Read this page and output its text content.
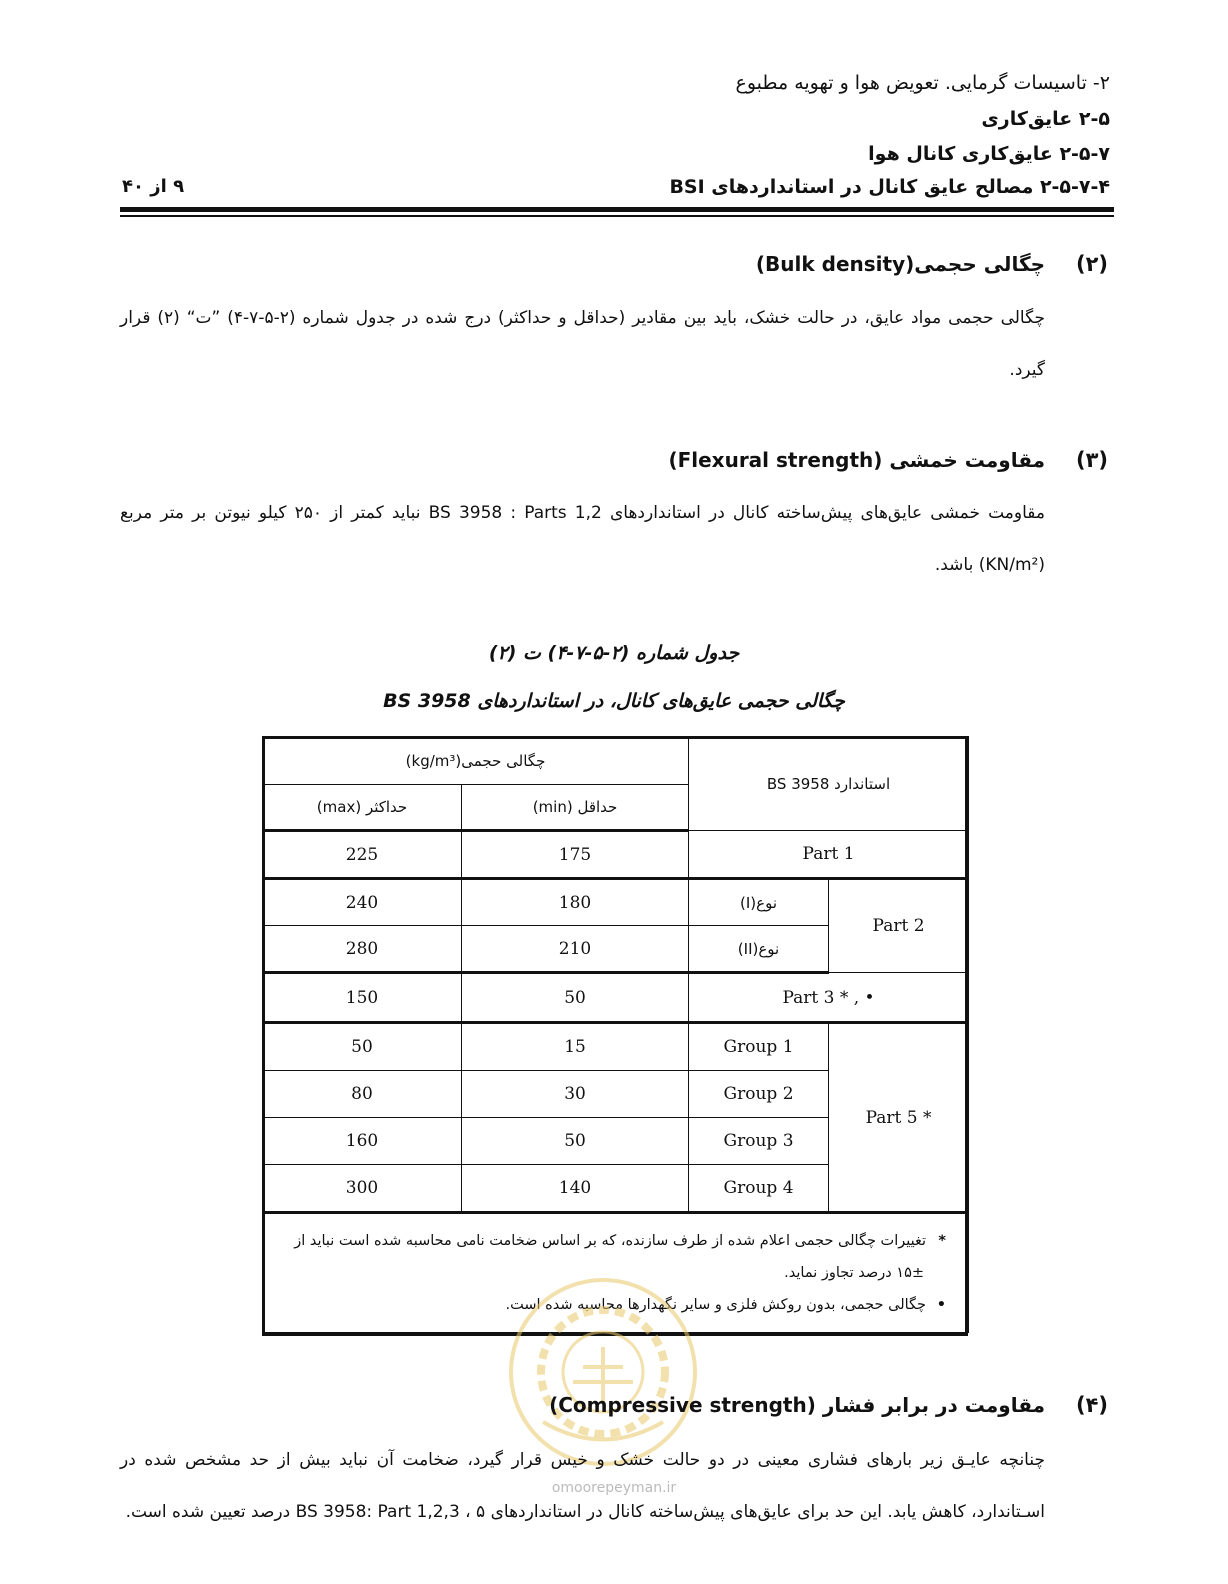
۲- تاسیسات گرمایی. تعویض هوا و تهویه مطبوع
۲-۵ عایق‌کاری
۲-۵-۷ عایق‌کاری کانال هوا
۲-۵-۷-۴ مصالح عایق کانال در استانداردهای BSI
۹ از ۴۰
(۲)
چگالی حجمی(Bulk density)
چگالی حجمی مواد عایق، در حالت خشک، باید بین مقادیر (حداقل و حداکثر) درج شده در جدول شماره (۲-۵-۷-۴) ”ت“ (۲) قرار گیرد.
(۳)
مقاومت خمشی (Flexural strength)
مقاومت خمشی عایق‌های پیش‌ساخته کانال در استانداردهای BS 3958 : Parts 1,2 نباید کمتر از ۲۵۰ کیلو نیوتن بر متر مربع (KN/m²) باشد.
جدول شماره (۲-۵-۷-۴) ت (۲)
چگالی حجمی عایق‌های کانال، در استانداردهای BS 3958
چگالی حجمی(kg/m³)		استاندارد BS 3958	
حداکثر (max)	حداقل (min)		
225	175	Part 1	
240	180	نوع(I)	Part 2
280	210	نوع(II)	
150	50	Part 3 * , •	
50	15	Group 1	Part 5 *
80	30	Group 2	
160	50	Group 3	
300	140	Group 4	

*تغییرات چگالی حجمی اعلام شده از طرف سازنده، که بر اساس ضخامت نامی محاسبه شده است نباید از
۱۵± درصد تجاوز نماید.
•چگالی حجمی، بدون روکش فلزی و سایر نگهدارها محاسبه شده است.			
omoorepeyman.ir
(۴)
مقاومت در برابر فشار (Compressive strength)
چنانچه عایـق زیر بارهای فشاری معینی در دو حالت خشک و خیس قرار گیرد، ضخامت آن نباید بیش از حد مشخص شده در اسـتاندارد، کاهش یابد. این حد برای عایق‌های پیش‌ساخته کانال در استانداردهای BS 3958: Part 1,2,3 ، ۵ درصد تعیین شده است.
